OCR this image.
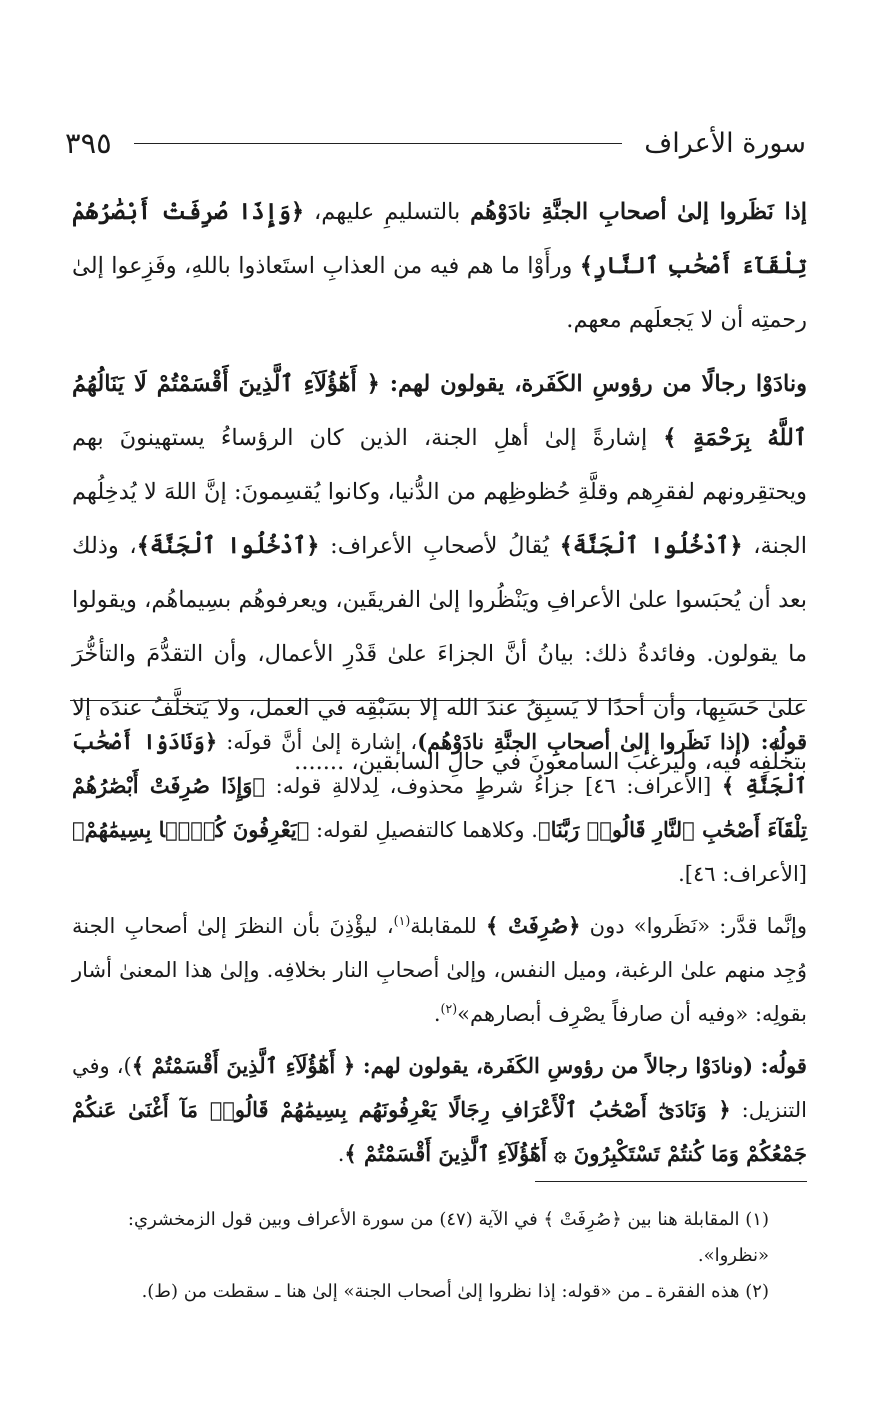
سورة الأعراف
٣٩٥

إذا نَظَروا إلىٰ أصحابِ الجنَّةِ نادَوْهُم بالتسليمِ عليهم، ﴿وَإِذَا صُرِفَتْ أَبْصَٰرُهُمْ تِلْقَآءَ أَصْحَٰبِ ٱلنَّارِ﴾ ورأَوْا ما هم فيه من العذابِ استَعاذوا باللهِ، وفَزِعوا إلىٰ رحمتِه أن لا يَجعلَهم معهم.

ونادَوْا رجالًا من رؤوسِ الكَفَرة، يقولون لهم: ﴿ أَهَٰٓؤُلَآءِ ٱلَّذِينَ أَقْسَمْتُمْ لَا يَنَالُهُمُ ٱللَّهُ بِرَحْمَةٍ ﴾ إشارةً إلىٰ أهلِ الجنة، الذين كان الرؤساءُ يستهينونَ بهم ويحتقِرونهم لفقرِهم وقلَّةِ حُظوظِهم من الدُّنيا، وكانوا يُقسِمونَ: إنَّ اللهَ لا يُدخِلُهم الجنة، ﴿ٱدْخُلُوا ٱلْجَنَّةَ﴾ يُقالُ لأصحابِ الأعراف: ﴿ٱدْخُلُوا ٱلْجَنَّةَ﴾، وذلك بعد أن يُحبَسوا علىٰ الأعرافِ ويَنْظُروا إلىٰ الفريقَين، ويعرفوهُم بسِيماهُم، ويقولوا ما يقولون. وفائدةُ ذلك: بيانُ أنَّ الجزاءَ علىٰ قَدْرِ الأعمال، وأن التقدُّمَ والتأخُّرَ علىٰ حَسَبِها، وأن أحدًا لا يَسبِقُ عندَ الله إلا بسَبْقِه في العمل، ولا يَتخلَّفُ عندَه إلا بتخلُّفِه فيه، وليرغبَ السامعونَ في حالِ السابقين، .......

قولُه: (إذا نَظَروا إلىٰ أصحابِ الجنَّةِ نادَوْهُم)، إشارة إلىٰ أنَّ قولَه: ﴿وَنَادَوْا أَصْحَٰبَ ٱلْجَنَّةِ ﴾ [الأعراف: ٤٦] جزاءُ شرطٍ محذوف، لِدلالةِ قوله: ﴿وَإِذَا صُرِفَتْ أَبْصَٰرُهُمْ تِلْقَآءَ أَصْحَٰبِ ٱلنَّارِ قَالُوا۟ رَبَّنَا﴾. وكلاهما كالتفصيلِ لقوله: ﴿يَعْرِفُونَ كُلًّۢا بِسِيمَٰهُمْ﴾ [الأعراف: ٤٦].

وإنَّما قدَّر: «نَظَروا» دون ﴿صُرِفَتْ ﴾ للمقابلة$^{(١)}$، ليؤْذِنَ بأن النظرَ إلىٰ أصحابِ الجنة وُجِد منهم علىٰ الرغبة، وميل النفس، وإلىٰ أصحابِ النار بخلافِه. وإلىٰ هذا المعنىٰ أشار بقولِه: «وفيه أن صارفاً يصْرِف أبصارهم»$^{(٢)}$.

قولُه: (ونادَوْا رجالاً من رؤوسِ الكَفَرة، يقولون لهم: ﴿ أَهَٰٓؤُلَآءِ ٱلَّذِينَ أَقْسَمْتُمْ ﴾)، وفي التنزيل: ﴿ وَنَادَىٰٓ أَصْحَٰبُ ٱلْأَعْرَافِ رِجَالًا يَعْرِفُونَهُم بِسِيمَٰهُمْ قَالُوا۟ مَآ أَغْنَىٰ عَنكُمْ جَمْعُكُمْ وَمَا كُنتُمْ تَسْتَكْبِرُونَ ۞ أَهَٰٓؤُلَآءِ ٱلَّذِينَ أَقْسَمْتُمْ ﴾.

(١) المقابلة هنا بين ﴿صُرِفَتْ ﴾ في الآية (٤٧) من سورة الأعراف وبين قول الزمخشري: «نظروا».

(٢) هذه الفقرة ـ من «قوله: إذا نظروا إلىٰ أصحاب الجنة» إلىٰ هنا ـ سقطت من (ط).
